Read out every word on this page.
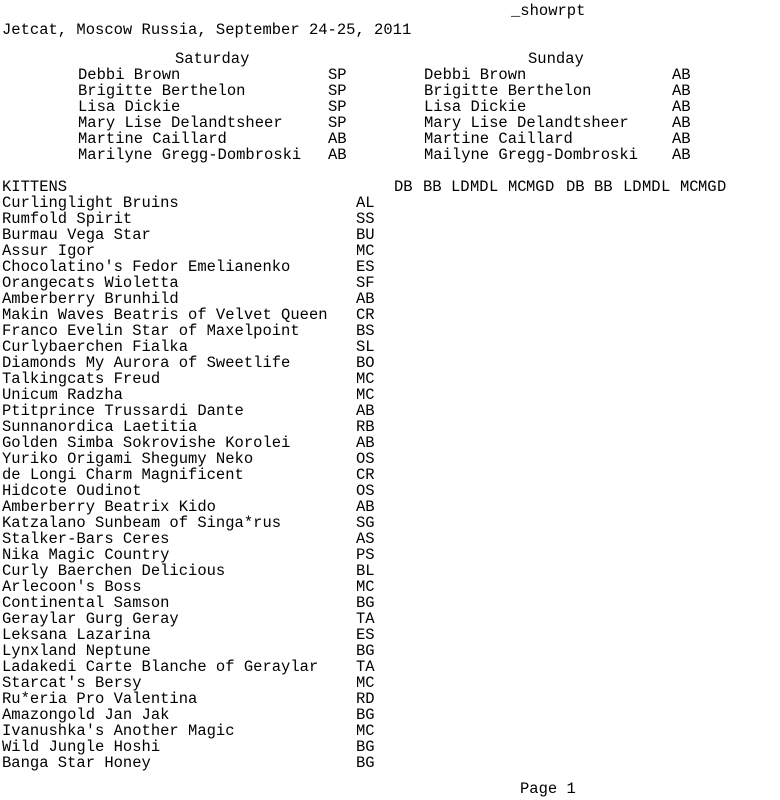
_showrpt
Jetcat, Moscow Russia, September 24-25, 2011
Saturday	Sunday
Debbi Brown	SP
Brigitte Berthelon	SP
Lisa Dickie	SP
Mary Lise Delandtsheer	SP
Martine Caillard	AB
Marilyne Gregg-Dombroski AB
Debbi Brown	AB
Brigitte Berthelon	AB
Lisa Dickie	AB
Mary Lise Delandtsheer	AB
Martine Caillard	AB
Mailyne Gregg-Dombroski AB
KITTENS	DB BB LD MD L MC MG D DB BB LD MD L MC MG D
Curlinglight Bruins	AL
Rumfold Spirit	SS
Burmau Vega Star	BU
Assur Igor	MC
Chocolatino's Fedor Emelianenko	ES
Orangecats Wioletta	SF
Amberberry Brunhild	AB
Makin Waves Beatris of Velvet Queen CR
Franco Evelin Star of Maxelpoint	BS
Curlybaerchen Fialka	SL
Diamonds My Aurora of Sweetlife	BO
Talkingcats Freud	MC
Unicum Radzha	MC
Ptitprince Trussardi Dante	AB
Sunnanordica Laetitia	RB
Golden Simba Sokrovishe Korolei	AB
Yuriko Origami Shegumy Neko	OS
de Longi Charm Magnificent	CR
Hidcote Oudinot	OS
Amberberry Beatrix Kido	AB
Katzalano Sunbeam of Singa*rus	SG
Stalker-Bars Ceres	AS
Nika Magic Country	PS
Curly Baerchen Delicious	BL
Arlecoon's Boss	MC
Continental Samson	BG
Geraylar Gurg Geray	TA
Leksana Lazarina	ES
Lynxland Neptune	BG
Ladakedi Carte Blanche of Geraylar TA
Starcat's Bersy	MC
Ru*eria Pro Valentina	RD
Amazongold Jan Jak	BG
Ivanushka's Another Magic	MC
Wild Jungle Hoshi	BG
Banga Star Honey	BG
Page 1
